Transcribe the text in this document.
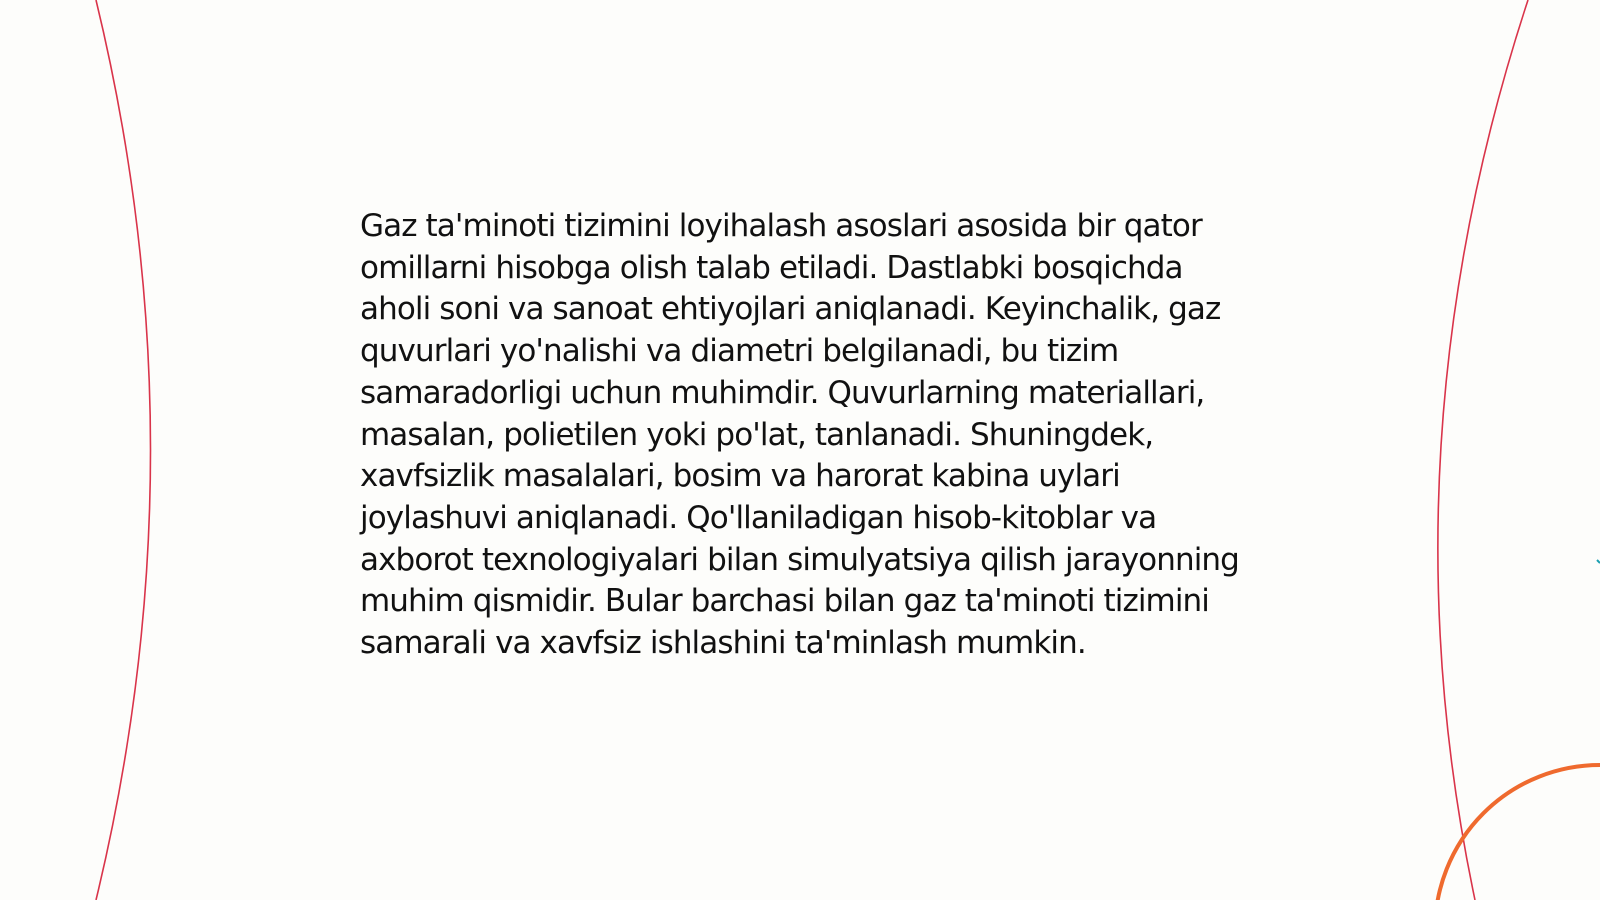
Gaz ta'minoti tizimini loyihalash asoslari asosida bir qator omillarni hisobga olish talab etiladi. Dastlabki bosqichda aholi soni va sanoat ehtiyojlari aniqlanadi. Keyinchalik, gaz quvurlari yo'nalishi va diametri belgilanadi, bu tizim samaradorligi uchun muhimdir. Quvurlarning materiallari, masalan, polietilen yoki po'lat, tanlanadi. Shuningdek, xavfsizlik masalalari, bosim va harorat kabina uylari joylashuvi aniqlanadi. Qo'llaniladigan hisob-kitoblar va axborot texnologiyalari bilan simulyatsiya qilish jarayonning muhim qismidir. Bular barchasi bilan gaz ta'minoti tizimini samarali va xavfsiz ishlashini ta'minlash mumkin.
